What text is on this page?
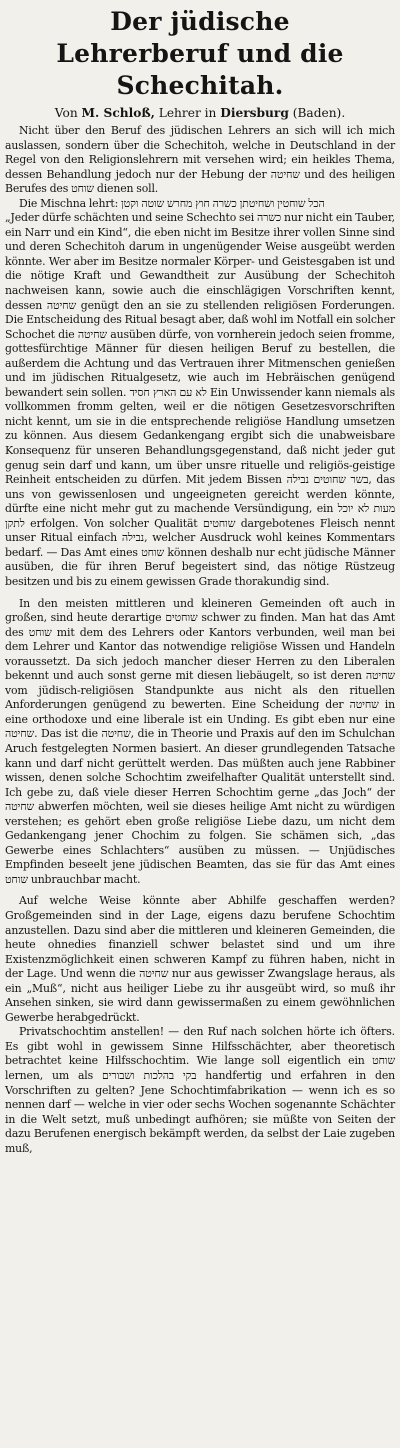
Der jüdische
Lehrerberuf und die Schechitah.
Von M. Schloß, Lehrer in Diersburg (Baden).

Nicht über den Beruf des jüdischen Lehrers an sich will ich mich auslassen, sondern über die Schechitoh, welche in Deutschland in der Regel von den Religionslehrern mit versehen wird; ein heikles Thema, dessen Behandlung jedoch nur der Hebung der שחיטה und des heiligen Berufes des שוחט dienen soll.

Die Mischna lehrt: הכל שוחטין ושחיטתן כשרה חוץ מחרש שוטה וקטן

„Jeder dürfe schächten und seine Schechto sei כשרה nur nicht ein Tauber, ein Narr und ein Kind“, die eben nicht im Besitze ihrer vollen Sinne sind und deren Schechitoh darum in ungenügender Weise ausgeübt werden könnte. Wer aber im Besitze normaler Körper- und Geistesgaben ist und die nötige Kraft und Gewandtheit zur Ausübung der Schechitoh nachweisen kann, sowie auch die einschlägigen Vorschriften kennt, dessen שחיטה genügt den an sie zu stellenden religiösen Forderungen. Die Entscheidung des Ritual besagt aber, daß wohl im Notfall ein solcher Schochet die שחיטה ausüben dürfe, von vornherein jedoch seien fromme, gottesfürchtige Männer für diesen heiligen Beruf zu bestellen, die außerdem die Achtung und das Vertrauen ihrer Mitmenschen genießen und im jüdischen Ritualgesetz, wie auch im Hebräischen genügend bewandert sein sollen. לא עם הארץ חסיד Ein Unwissender kann niemals als vollkommen fromm gelten, weil er die nötigen Gesetzesvorschriften nicht kennt, um sie in die entsprechende religiöse Handlung umsetzen zu können. Aus diesem Gedankengang ergibt sich die unabweisbare Konsequenz für unseren Behandlungsgegenstand, daß nicht jeder gut genug sein darf und kann, um über unsre rituelle und religiös-geistige Reinheit entscheiden zu dürfen. Mit jedem Bissen בשר שחוטים נבילה, das uns von gewissenlosen und ungeeigneten gereicht werden könnte, dürfte eine nicht mehr gut zu machende Versündigung, ein מעות לא יוכל לתקן erfolgen. Von solcher Qualität שוחטים dargebotenes Fleisch nennt unser Ritual einfach נבילה, welcher Ausdruck wohl keines Kommentars bedarf. — Das Amt eines שוחט können deshalb nur echt jüdische Männer ausüben, die für ihren Beruf begeistert sind, das nötige Rüstzeug besitzen und bis zu einem gewissen Grade thorakundig sind.

In den meisten mittleren und kleineren Gemeinden oft auch in großen, sind heute derartige שוחטים schwer zu finden. Man hat das Amt des שוחט mit dem des Lehrers oder Kantors verbunden, weil man bei dem Lehrer und Kantor das notwendige religiöse Wissen und Handeln voraussetzt. Da sich jedoch mancher dieser Herren zu den Liberalen bekennt und auch sonst gerne mit diesen liebäugelt, so ist deren שחיטה vom jüdisch-religiösen Standpunkte aus nicht als den rituellen Anforderungen genügend zu bewerten. Eine Scheidung der שחיטה in eine orthodoxe und eine liberale ist ein Unding. Es gibt eben nur eine שחיטה. Das ist die שחיטה, die in Theorie und Praxis auf den im Schulchan Aruch festgelegten Normen basiert. An dieser grundlegenden Tatsache kann und darf nicht gerüttelt werden. Das müßten auch jene Rabbiner wissen, denen solche Schochtim zweifelhafter Qualität unterstellt sind. Ich gebe zu, daß viele dieser Herren Schochtim gerne „das Joch“ der שחיטה abwerfen möchten, weil sie dieses heilige Amt nicht zu würdigen verstehen; es gehört eben große religiöse Liebe dazu, um nicht dem Gedankengang jener Chochim zu folgen. Sie schämen sich, „das Gewerbe eines Schlachters“ ausüben zu müssen. — Unjüdisches Empfinden beseelt jene jüdischen Beamten, das sie für das Amt eines שוחט unbrauchbar macht.

Auf welche Weise könnte aber Abhilfe geschaffen werden? Großgemeinden sind in der Lage, eigens dazu berufene Schochtim anzustellen. Dazu sind aber die mittleren und kleineren Gemeinden, die heute ohnedies finanziell schwer belastet sind und um ihre Existenzmöglichkeit einen schweren Kampf zu führen haben, nicht in der Lage. Und wenn die שחיטה nur aus gewisser Zwangslage heraus, als ein „Muß“, nicht aus heiliger Liebe zu ihr ausgeübt wird, so muß ihr Ansehen sinken, sie wird dann gewissermaßen zu einem gewöhnlichen Gewerbe herabgedrückt.

Privatschochtim anstellen! — den Ruf nach solchen hörte ich öfters. Es gibt wohl in gewissem Sinne Hilfsschächter, aber theoretisch betrachtet keine Hilfsschochtim. Wie lange soll eigentlich ein שוחט lernen, um als בקי בהלכות ושבורים handfertig und erfahren in den Vorschriften zu gelten? Jene Schochtimfabrikation — wenn ich es so nennen darf — welche in vier oder sechs Wochen sogenannte Schächter in die Welt setzt, muß unbedingt aufhören; sie müßte von Seiten der dazu Berufenen energisch bekämpft werden, da selbst der Laie zugeben muß,
